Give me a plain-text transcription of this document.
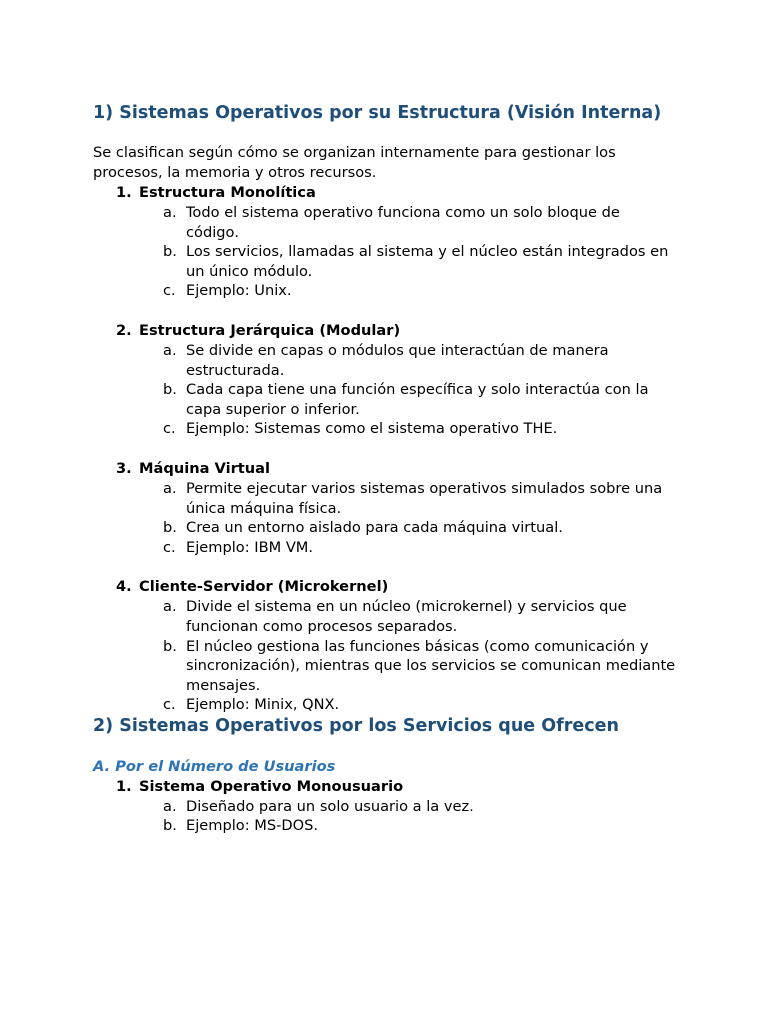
1) Sistemas Operativos por su Estructura (Visión Interna)

Se clasifican según cómo se organizan internamente para gestionar los procesos, la memoria y otros recursos.

1. Estructura Monolítica
a. Todo el sistema operativo funciona como un solo bloque de código.
b. Los servicios, llamadas al sistema y el núcleo están integrados en un único módulo.
c. Ejemplo: Unix.
2. Estructura Jerárquica (Modular)
a. Se divide en capas o módulos que interactúan de manera estructurada.
b. Cada capa tiene una función específica y solo interactúa con la capa superior o inferior.
c. Ejemplo: Sistemas como el sistema operativo THE.
3. Máquina Virtual
a. Permite ejecutar varios sistemas operativos simulados sobre una única máquina física.
b. Crea un entorno aislado para cada máquina virtual.
c. Ejemplo: IBM VM.
4. Cliente-Servidor (Microkernel)
a. Divide el sistema en un núcleo (microkernel) y servicios que funcionan como procesos separados.
b. El núcleo gestiona las funciones básicas (como comunicación y sincronización), mientras que los servicios se comunican mediante mensajes.
c. Ejemplo: Minix, QNX.
2) Sistemas Operativos por los Servicios que Ofrecen
A. Por el Número de Usuarios
1. Sistema Operativo Monousuario
a. Diseñado para un solo usuario a la vez.
b. Ejemplo: MS-DOS.
